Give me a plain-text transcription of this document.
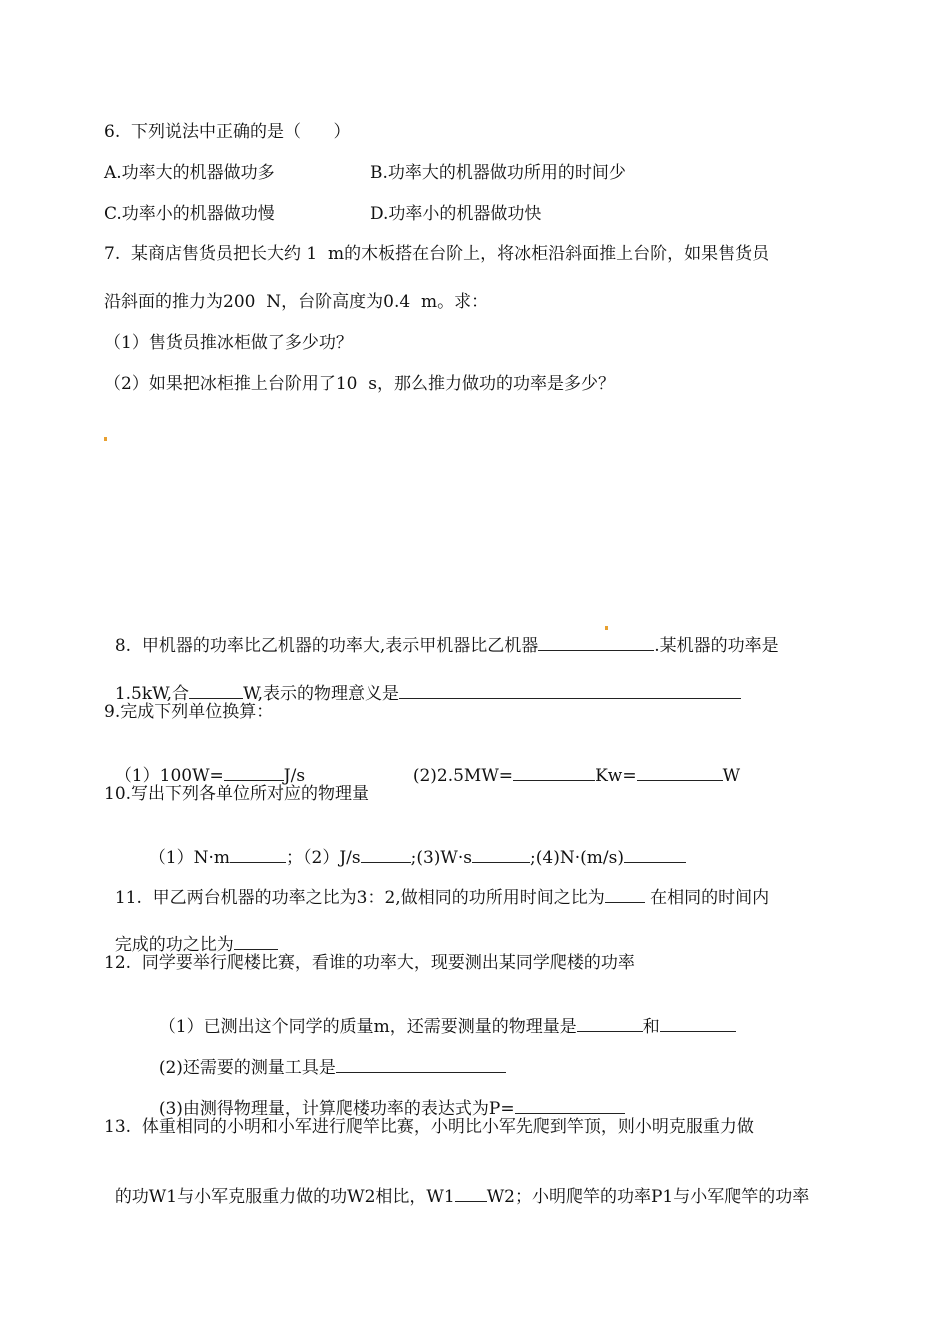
6.  下列说法中正确的是（      ）
A.功率大的机器做功多	B.功率大的机器做功所用的时间少
C.功率小的机器做功慢	D.功率小的机器做功快
7.  某商店售货员把长大约 1  m的木板搭在台阶上，将冰柜沿斜面推上台阶，如果售货员
沿斜面的推力为200  N，台阶高度为0.4  m。求：
（1）售货员推冰柜做了多少功？
（2）如果把冰柜推上台阶用了10  s，那么推力做功的功率是多少？

8.  甲机器的功率比乙机器的功率大,表示甲机器比乙机器	.某机器的功率是

1.5kW,合	W,表示的物理意义是

9.完成下列单位换算：

（1）100W=	J/s	(2)2.5MW=	Kw=	W

10.写出下列各单位所对应的物理量

（1）N·m	；（2）J/s	;(3)W·s	;(4)N·(m/s)

11.  甲乙两台机器的功率之比为3：2,做相同的功所用时间之比为 在相同的时间内

完成的功之比为

12.  同学要举行爬楼比赛，看谁的功率大，现要测出某同学爬楼的功率

（1）已测出这个同学的质量m，还需要测量的物理量是	和

(2)还需要的测量工具是

(3)由测得物理量，计算爬楼功率的表达式为P=

13.  体重相同的小明和小军进行爬竿比赛，小明比小军先爬到竿顶，则小明克服重力做

的功W1与小军克服重力做的功W2相比，W1 W2；小明爬竿的功率P1与小军爬竿的功率
